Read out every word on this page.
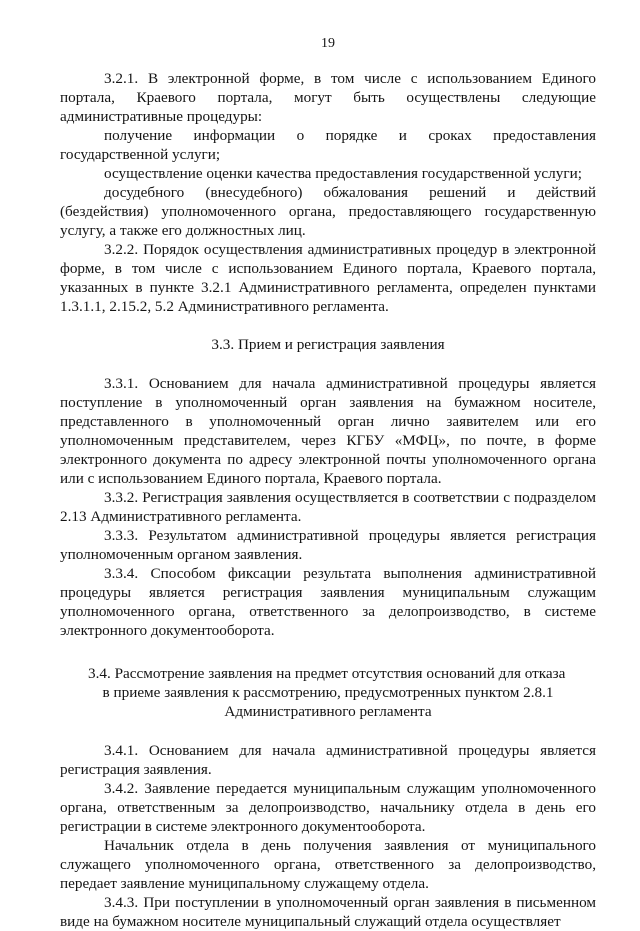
19

3.2.1. В электронной форме, в том числе с использованием Единого портала, Краевого портала, могут быть осуществлены следующие административные процедуры:

получение информации о порядке и сроках предоставления государственной услуги;

осуществление оценки качества предоставления государственной услуги;

досудебного (внесудебного) обжалования решений и действий (бездействия) уполномоченного органа, предоставляющего государственную услугу, а также его должностных лиц.

3.2.2. Порядок осуществления административных процедур в электронной форме, в том числе с использованием Единого портала, Краевого портала, указанных в пункте 3.2.1 Административного регламента, определен пунктами 1.3.1.1, 2.15.2, 5.2 Административного регламента.

3.3. Прием и регистрация заявления

3.3.1. Основанием для начала административной процедуры является поступление в уполномоченный орган заявления на бумажном носителе, представленного в уполномоченный орган лично заявителем или его уполномоченным представителем, через КГБУ «МФЦ», по почте, в форме электронного документа по адресу электронной почты уполномоченного органа или с использованием Единого портала, Краевого портала.

3.3.2. Регистрация заявления осуществляется в соответствии с подразделом 2.13 Административного регламента.

3.3.3. Результатом административной процедуры является регистрация уполномоченным органом заявления.

3.3.4. Способом фиксации результата выполнения административной процедуры является регистрация заявления муниципальным служащим уполномоченного органа, ответственного за делопроизводство, в системе электронного документооборота.

3.4. Рассмотрение заявления на предмет отсутствия оснований для отказа
в приеме заявления к рассмотрению, предусмотренных пунктом 2.8.1
Административного регламента

3.4.1. Основанием для начала административной процедуры является регистрация заявления.

3.4.2. Заявление передается муниципальным служащим уполномоченного органа, ответственным за делопроизводство, начальнику отдела в день его регистрации в системе электронного документооборота.

Начальник отдела в день получения заявления от муниципального служащего уполномоченного органа, ответственного за делопроизводство, передает заявление муниципальному служащему отдела.

3.4.3. При поступлении в уполномоченный орган заявления в письменном виде на бумажном носителе муниципальный служащий отдела осуществляет
